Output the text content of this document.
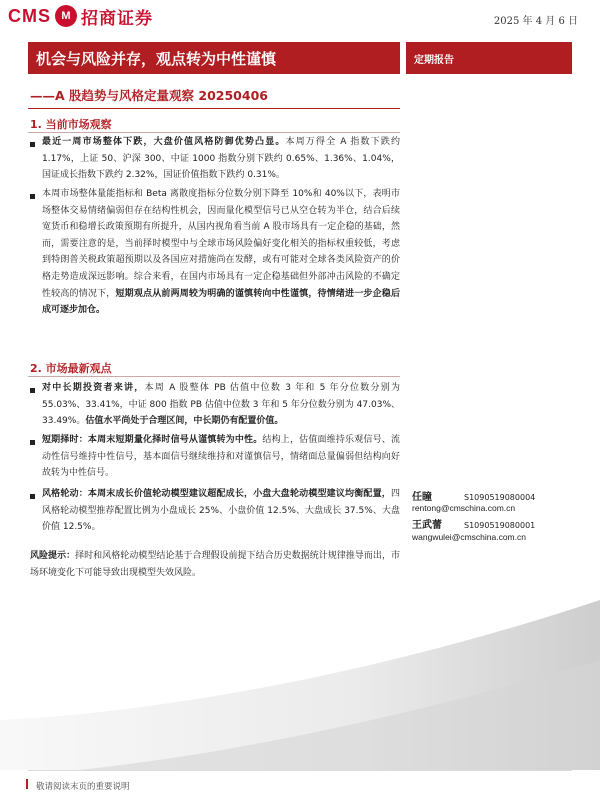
CMS M 招商证券	2025 年 4 月 6 日
机会与风险并存，观点转为中性谨慎	定期报告
——A 股趋势与风格定量观察 20250406
1. 当前市场观察
最近一周市场整体下跌，大盘价值风格防御优势凸显。本周万得全 A 指数下跌约 1.17%，上证 50、沪深 300、中证 1000 指数分别下跌约 0.65%、1.36%、1.04%，国证成长指数下跌约 2.32%，国证价值指数下跌约 0.31%。
本周市场整体量能指标和 Beta 离散度指标分位数分别下降至 10%和 40%以下，表明市场整体交易情绪偏弱但存在结构性机会，因而量化模型信号已从空仓转为半仓，结合后续宽货币和稳增长政策预期有所提升，从国内视角看当前 A 股市场具有一定企稳的基础，然而，需要注意的是，当前择时模型中与全球市场风险偏好变化相关的指标权重较低，考虑到特朗普关税政策超预期以及各国应对措施尚在发酵，或有可能对全球各类风险资产的价格走势造成深远影响。综合来看，在国内市场具有一定企稳基础但外部冲击风险的不确定性较高的情况下，短期观点从前两周较为明确的谨慎转向中性谨慎，待情绪进一步企稳后成可逐步加仓。
2. 市场最新观点
对中长期投资者来讲，本周 A 股整体 PB 估值中位数 3 年和 5 年分位数分别为 55.03%、33.41%，中证 800 指数 PB 估值中位数 3 年和 5 年分位数分别为 47.03%、33.49%。估值水平尚处于合理区间，中长期仍有配置价值。
短期择时：本周末短期量化择时信号从谨慎转为中性。结构上，估值面维持乐观信号、流动性信号维持中性信号，基本面信号继续维持和对谨慎信号，情绪面总量偏弱但结构向好故转为中性信号。
风格轮动：本周末成长价值轮动模型建议超配成长，小盘大盘轮动模型建议均衡配置，四风格轮动模型推荐配置比例为小盘成长 25%、小盘价值 12.5%、大盘成长 37.5%、大盘价值 12.5%。
风险提示：择时和风格轮动模型结论基于合理假设前提下结合历史数据统计规律推导而出，市场环境变化下可能导致出现模型失效风险。
任瞳	S1090519080004
rentong@cmschina.com.cn
王武蕾	S1090519080001
wangwulei@cmschina.com.cn
敬请阅读末页的重要说明
